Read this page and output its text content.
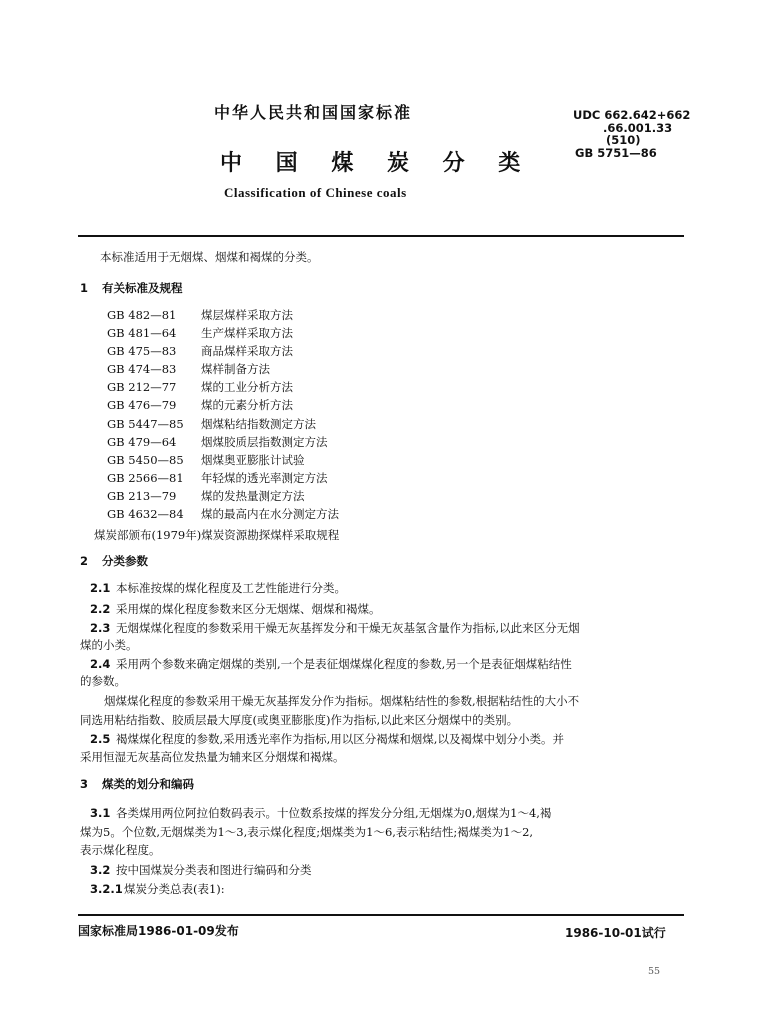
中华人民共和国国家标准	UDC 662.642+662
.66.001.33
(510)
GB 5751—86
中 国 煤 炭 分 类
Classification of Chinese coals
本标准适用于无烟煤、烟煤和褐煤的分类。
1 有关标准及规程
GB 482—81 煤层煤样采取方法
GB 481—64 生产煤样采取方法
GB 475—83 商品煤样采取方法
GB 474—83 煤样制备方法
GB 212—77 煤的工业分析方法
GB 476—79 煤的元素分析方法
GB 5447—85 烟煤粘结指数测定方法
GB 479—64 烟煤胶质层指数测定方法
GB 5450—85 烟煤奥亚膨胀计试验
GB 2566—81 年轻煤的透光率测定方法
GB 213—79 煤的发热量测定方法
GB 4632—84 煤的最高内在水分测定方法
煤炭部颁布(1979年)煤炭资源勘探煤样采取规程
2 分类参数
2.1 本标准按煤的煤化程度及工艺性能进行分类。
2.2 采用煤的煤化程度参数来区分无烟煤、烟煤和褐煤。
2.3 无烟煤煤化程度的参数采用干燥无灰基挥发分和干燥无灰基氢含量作为指标,以此来区分无烟
煤的小类。
2.4 采用两个参数来确定烟煤的类别,一个是表征烟煤煤化程度的参数,另一个是表征烟煤粘结性
的参数。
烟煤煤化程度的参数采用干燥无灰基挥发分作为指标。烟煤粘结性的参数,根据粘结性的大小不
同选用粘结指数、胶质层最大厚度(或奥亚膨胀度)作为指标,以此来区分烟煤中的类别。
2.5 褐煤煤化程度的参数,采用透光率作为指标,用以区分褐煤和烟煤,以及褐煤中划分小类。并
采用恒湿无灰基高位发热量为辅来区分烟煤和褐煤。
3 煤类的划分和编码
3.1 各类煤用两位阿拉伯数码表示。十位数系按煤的挥发分分组,无烟煤为0,烟煤为1～4,褐
煤为5。个位数,无烟煤类为1～3,表示煤化程度;烟煤类为1～6,表示粘结性;褐煤类为1～2,
表示煤化程度。
3.2 按中国煤炭分类表和图进行编码和分类
3.2.1煤炭分类总表(表1):
国家标准局1986-01-09发布	1986-10-01试行
55
